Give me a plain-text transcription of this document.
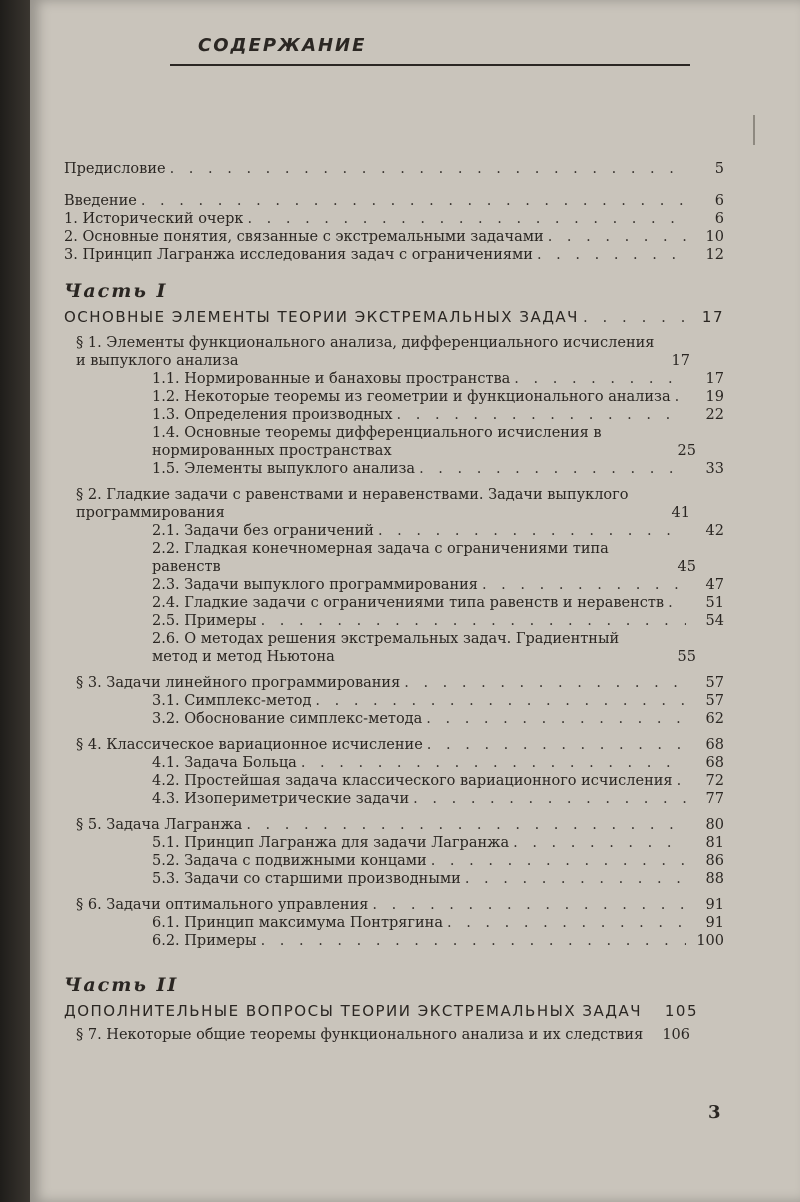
СОДЕРЖАНИЕ
Предисловие . . .	5
Введение . . .	6
1. Исторический очерк . . .	6
2. Основные понятия, связанные с экстремальными задачами . . .	10
3. Принцип Лагранжа исследования задач с ограничениями . . .	12
Часть I
ОСНОВНЫЕ ЭЛЕМЕНТЫ ТЕОРИИ ЭКСТРЕМАЛЬНЫХ ЗАДАЧ . . .	17
§ 1. Элементы функционального анализа, дифференциального исчисления и выпуклого анализа	17
1.1. Нормированные и банаховы пространства . . .	17
1.2. Некоторые теоремы из геометрии и функционального анализа . . .	19
1.3. Определения производных . . .	22
1.4. Основные теоремы дифференциального исчисления в нормированных пространствах	25
1.5. Элементы выпуклого анализа . . .	33
§ 2. Гладкие задачи с равенствами и неравенствами. Задачи выпуклого программирования	41
2.1. Задачи без ограничений . . .	42
2.2. Гладкая конечномерная задача с ограничениями типа равенств	45
2.3. Задачи выпуклого программирования . . .	47
2.4. Гладкие задачи с ограничениями типа равенств и неравенств . . .	51
2.5. Примеры . . .	54
2.6. О методах решения экстремальных задач. Градиентный метод и метод Ньютона	55
§ 3. Задачи линейного программирования . . .	57
3.1. Симплекс-метод . . .	57
3.2. Обоснование симплекс-метода . . .	62
§ 4. Классическое вариационное исчисление . . .	68
4.1. Задача Больца . . .	68
4.2. Простейшая задача классического вариационного исчисления . . .	72
4.3. Изопериметрические задачи . . .	77
§ 5. Задача Лагранжа . . .	80
5.1. Принцип Лагранжа для задачи Лагранжа . . .	81
5.2. Задача с подвижными концами . . .	86
5.3. Задачи со старшими производными . . .	88
§ 6. Задачи оптимального управления . . .	91
6.1. Принцип максимума Понтрягина . . .	91
6.2. Примеры . . .	100
Часть II
ДОПОЛНИТЕЛЬНЫЕ ВОПРОСЫ ТЕОРИИ ЭКСТРЕМАЛЬНЫХ ЗАДАЧ	105
§ 7. Некоторые общие теоремы функционального анализа и их следствия	106
3
